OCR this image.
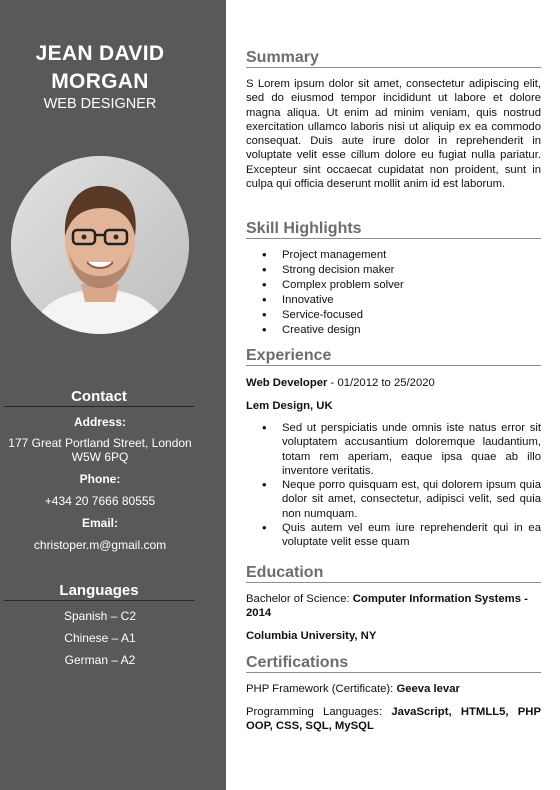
JEAN DAVID
MORGAN
WEB DESIGNER
Contact
Address:
177 Great Portland Street, London
W5W 6PQ
Phone:
+434 20 7666 80555
Email:
christoper.m@gmail.com
Languages
Spanish – C2
Chinese – A1
German – A2
Summary
S Lorem ipsum dolor sit amet, consectetur adipiscing elit, sed do eiusmod tempor incididunt ut labore et dolore magna aliqua. Ut enim ad minim veniam, quis nostrud exercitation ullamco laboris nisi ut aliquip ex ea commodo consequat. Duis aute irure dolor in reprehenderit in voluptate velit esse cillum dolore eu fugiat nulla pariatur. Excepteur sint occaecat cupidatat non proident, sunt in culpa qui officia deserunt mollit anim id est laborum.
Skill Highlights
• Project management
• Strong decision maker
• Complex problem solver
• Innovative
• Service-focused
• Creative design
Experience
Web Developer - 01/2012 to 25/2020
Lem Design, UK
• Sed ut perspiciatis unde omnis iste natus error sit voluptatem accusantium doloremque laudantium, totam rem aperiam, eaque ipsa quae ab illo inventore veritatis.
• Neque porro quisquam est, qui dolorem ipsum quia dolor sit amet, consectetur, adipisci velit, sed quia non numquam.
• Quis autem vel eum iure reprehenderit qui in ea voluptate velit esse quam
Education
Bachelor of Science: Computer Information Systems - 2014
Columbia University, NY
Certifications
PHP Framework (Certificate): Geeva levar
Programming Languages: JavaScript, HTMLL5, PHP OOP, CSS, SQL, MySQL
